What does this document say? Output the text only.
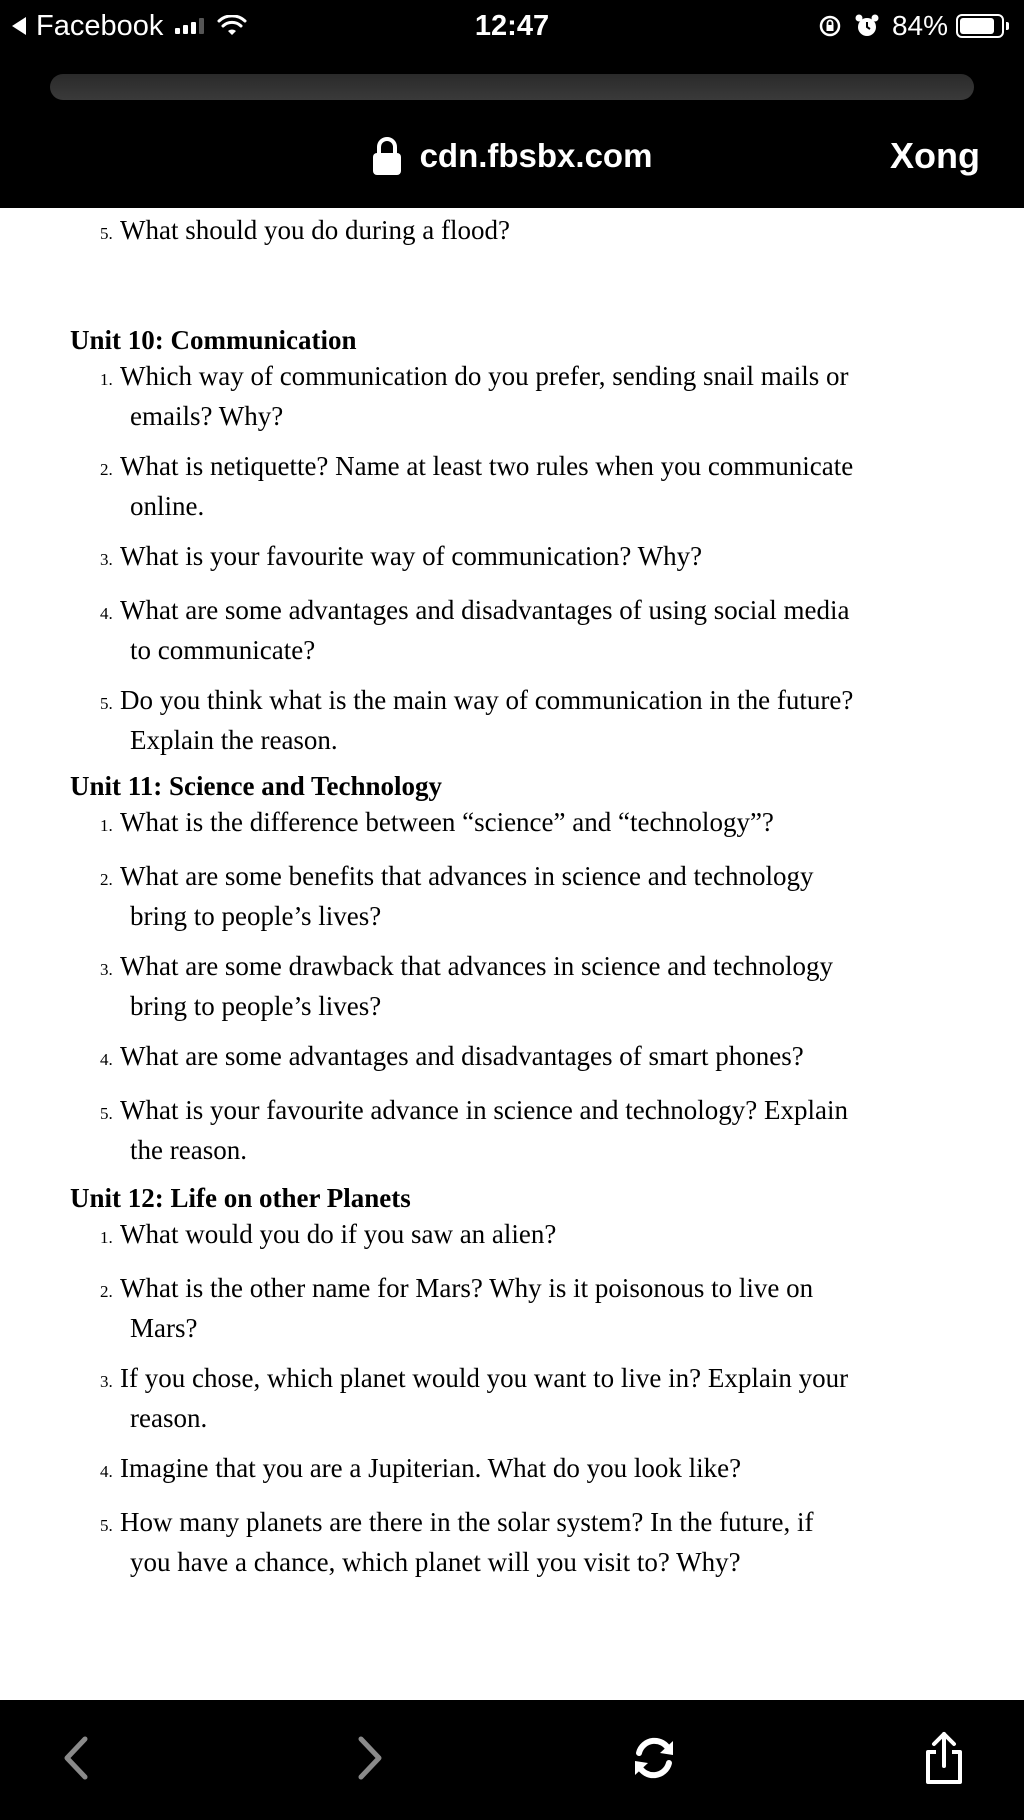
Facebook	12:47	84%
cdn.fbsbx.com	Xong
5. What should you do during a flood?
Unit 10: Communication
1. Which way of communication do you prefer, sending snail mails or
emails? Why?
2. What is netiquette? Name at least two rules when you communicate
online.
3. What is your favourite way of communication? Why?
4. What are some advantages and disadvantages of using social media
to communicate?
5. Do you think what is the main way of communication in the future?
Explain the reason.
Unit 11: Science and Technology
1. What is the difference between “science” and “technology”?
2. What are some benefits that advances in science and technology
bring to people’s lives?
3. What are some drawback that advances in science and technology
bring to people’s lives?
4. What are some advantages and disadvantages of smart phones?
5. What is your favourite advance in science and technology? Explain
the reason.
Unit 12: Life on other Planets
1. What would you do if you saw an alien?
2. What is the other name for Mars? Why is it poisonous to live on
Mars?
3. If you chose, which planet would you want to live in? Explain your
reason.
4. Imagine that you are a Jupiterian. What do you look like?
5. How many planets are there in the solar system? In the future, if
you have a chance, which planet will you visit to? Why?
